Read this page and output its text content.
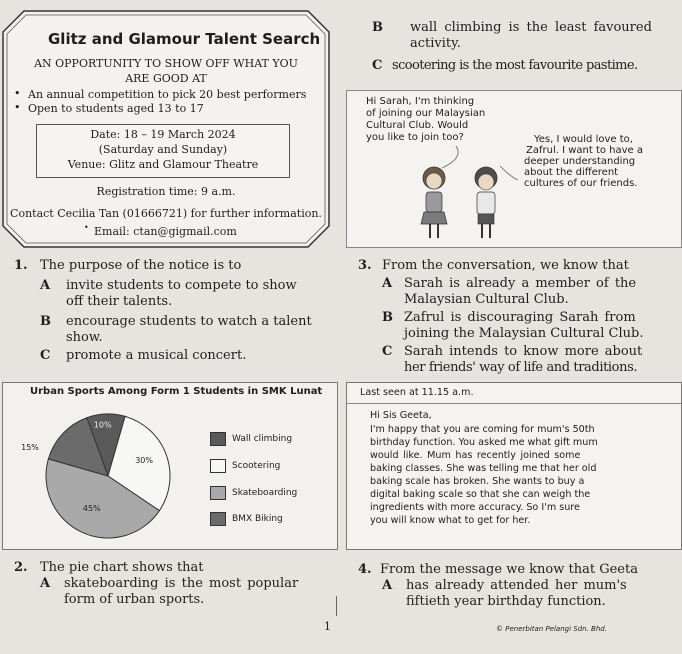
B wall climbing is the least favoured
activity.
C scootering is the most favourite pastime.
Glitz and Glamour Talent Search
AN OPPORTUNITY TO SHOW OFF WHAT YOU
ARE GOOD AT
• An annual competition to pick 20 best performers
• Open to students aged 13 to 17
Date: 18 – 19 March 2024
(Saturday and Sunday)
Venue: Glitz and Glamour Theatre
Registration time: 9 a.m.
Contact Cecilia Tan (01666721) for further information.
• Email: ctan@gigmail.com
Hi Sarah, I'm thinking
of joining our Malaysian
Cultural Club. Would
you like to join too?	Yes, I would love to,
Zafrul. I want to have a
deeper understanding
about the different
cultures of our friends.
1. The purpose of the notice is to
A invite students to compete to show
off their talents.
B encourage students to watch a talent
show.
C promote a musical concert.
3. From the conversation, we know that
A Sarah is already a member of the
Malaysian Cultural Club.
B Zafrul is discouraging Sarah from
joining the Malaysian Cultural Club.
C Sarah intends to know more about
her friends' way of life and traditions.
Urban Sports Among Form 1 Students in SMK Lunat
10%
30%
45%
15%
Wall climbing
Scootering
Skateboarding
BMX Biking
Last seen at 11.15 a.m.
Hi Sis Geeta,
I'm happy that you are coming for mum's 50th
birthday function. You asked me what gift mum
would like. Mum has recently joined some
baking classes. She was telling me that her old
baking scale has broken. She wants to buy a
digital baking scale so that she can weigh the
ingredients with more accuracy. So I'm sure
you will know what to get for her.
2. The pie chart shows that
A skateboarding is the most popular
form of urban sports.
4. From the message we know that Geeta
A has already attended her mum's
fiftieth year birthday function.
1	© Penerbitan Pelangi Sdn. Bhd.
